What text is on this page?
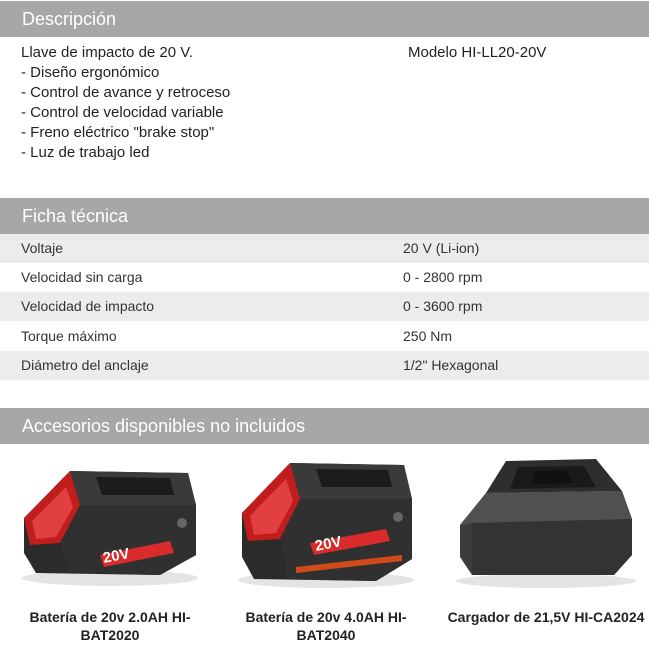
Descripción
Llave de impacto de 20 V.
- Diseño ergonómico
- Control de avance y retroceso
- Control de velocidad variable
- Freno eléctrico "brake stop"
- Luz de trabajo led
Modelo HI-LL20-20V
Ficha técnica
Voltaje	20 V (Li-ion)
Velocidad sin carga	0 - 2800 rpm
Velocidad de impacto	0 - 3600 rpm
Torque máximo	250 Nm
Diámetro del anclaje	1/2" Hexagonal
Accesorios disponibles no incluidos
20V
Batería de 20v 2.0AH HI-BAT2020
20V
Batería de 20v 4.0AH HI-BAT2040
Cargador de 21,5V HI-CA2024
